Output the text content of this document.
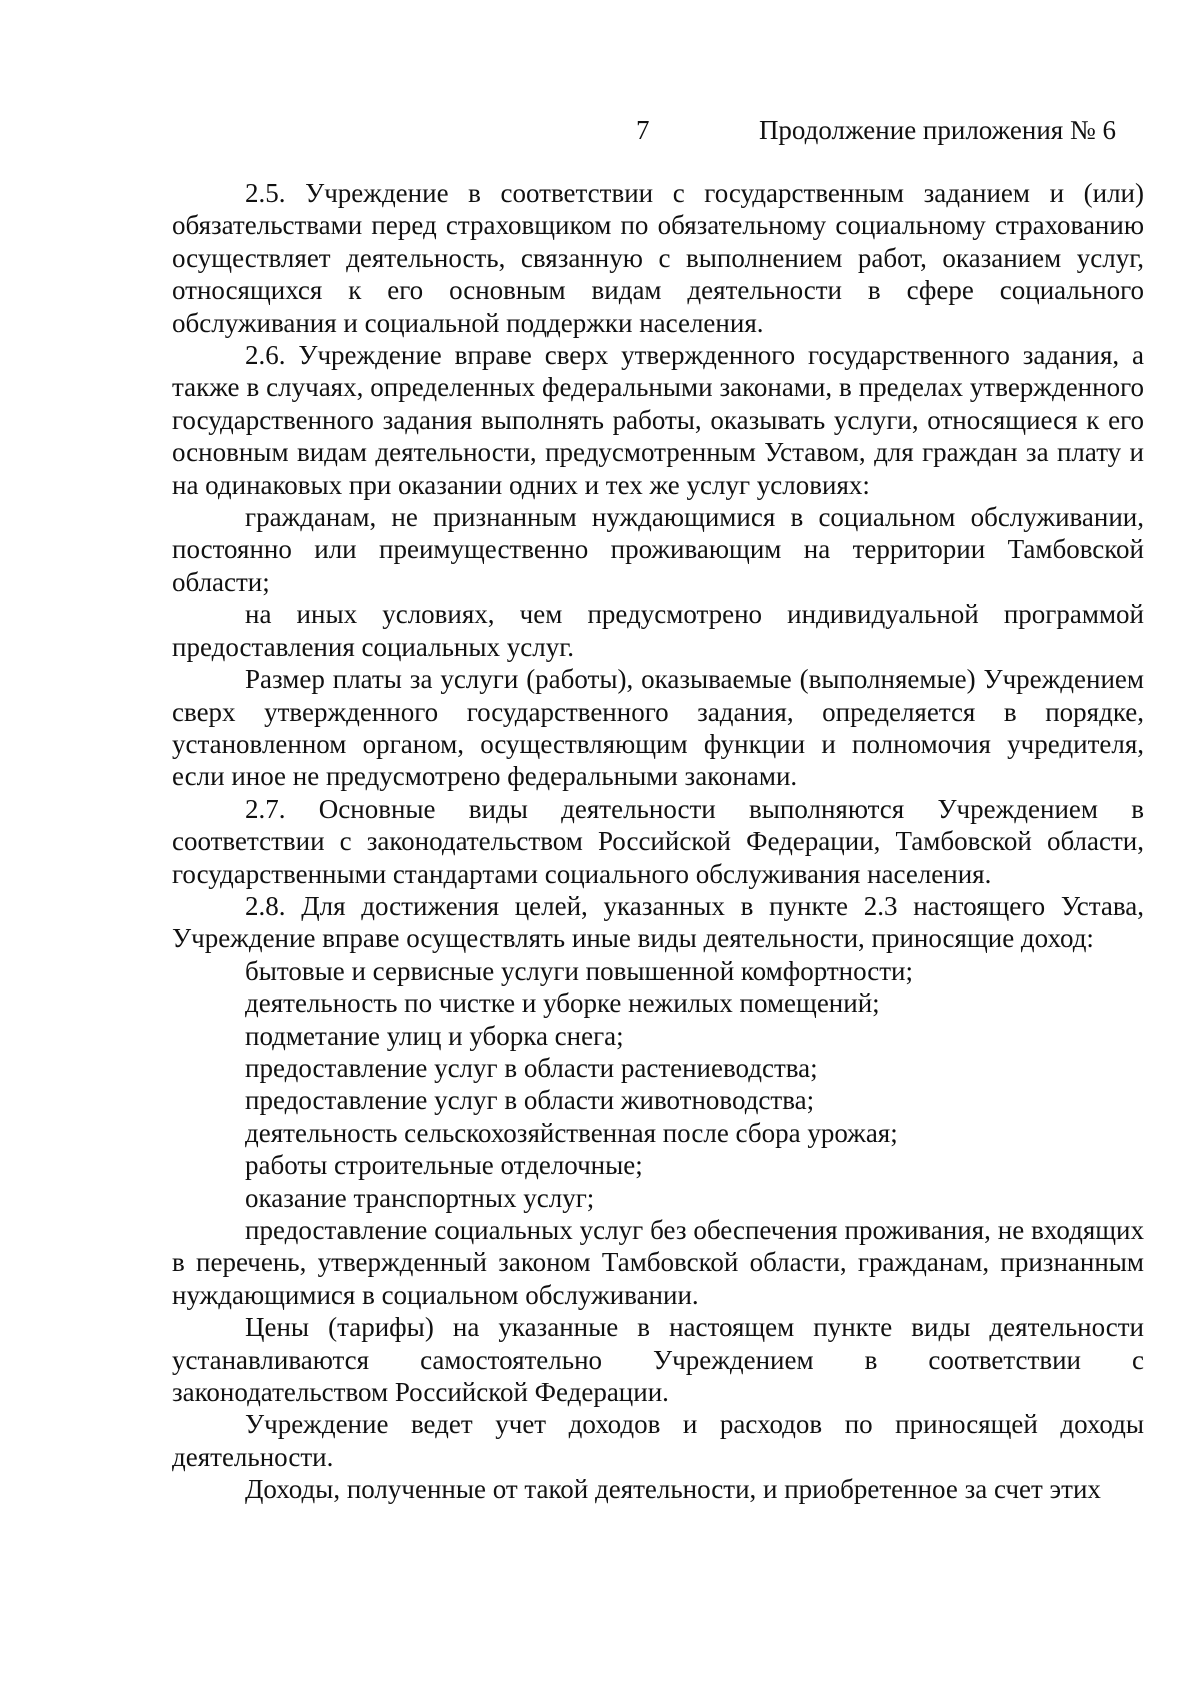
7	Продолжение приложения № 6

2.5. Учреждение в соответствии с государственным заданием и (или) обязательствами перед страховщиком по обязательному социальному страхованию осуществляет деятельность, связанную с выполнением работ, оказанием услуг, относящихся к его основным видам деятельности в сфере социального обслуживания и социальной поддержки населения.

2.6. Учреждение вправе сверх утвержденного государственного задания, а также в случаях, определенных федеральными законами, в пределах утвержденного государственного задания выполнять работы, оказывать услуги, относящиеся к его основным видам деятельности, предусмотренным Уставом, для граждан за плату и на одинаковых при оказании одних и тех же услуг условиях:

гражданам, не признанным нуждающимися в социальном обслуживании, постоянно или преимущественно проживающим на территории Тамбовской области;

на иных условиях, чем предусмотрено индивидуальной программой предоставления социальных услуг.

Размер платы за услуги (работы), оказываемые (выполняемые) Учреждением сверх утвержденного государственного задания, определяется в порядке, установленном органом, осуществляющим функции и полномочия учредителя, если иное не предусмотрено федеральными законами.

2.7. Основные виды деятельности выполняются Учреждением в соответствии с законодательством Российской Федерации, Тамбовской области, государственными стандартами социального обслуживания населения.

2.8. Для достижения целей, указанных в пункте 2.3 настоящего Устава, Учреждение вправе осуществлять иные виды деятельности, приносящие доход:

бытовые и сервисные услуги повышенной комфортности;

деятельность по чистке и уборке нежилых помещений;

подметание улиц и уборка снега;

предоставление услуг в области растениеводства;

предоставление услуг в области животноводства;

деятельность сельскохозяйственная после сбора урожая;

работы строительные отделочные;

оказание транспортных услуг;

предоставление социальных услуг без обеспечения проживания, не входящих в перечень, утвержденный законом Тамбовской области, гражданам, признанным нуждающимися в социальном обслуживании.

Цены (тарифы) на указанные в настоящем пункте виды деятельности устанавливаются самостоятельно Учреждением в соответствии с законодательством Российской Федерации.

Учреждение ведет учет доходов и расходов по приносящей доходы деятельности.

Доходы, полученные от такой деятельности, и приобретенное за счет этих
